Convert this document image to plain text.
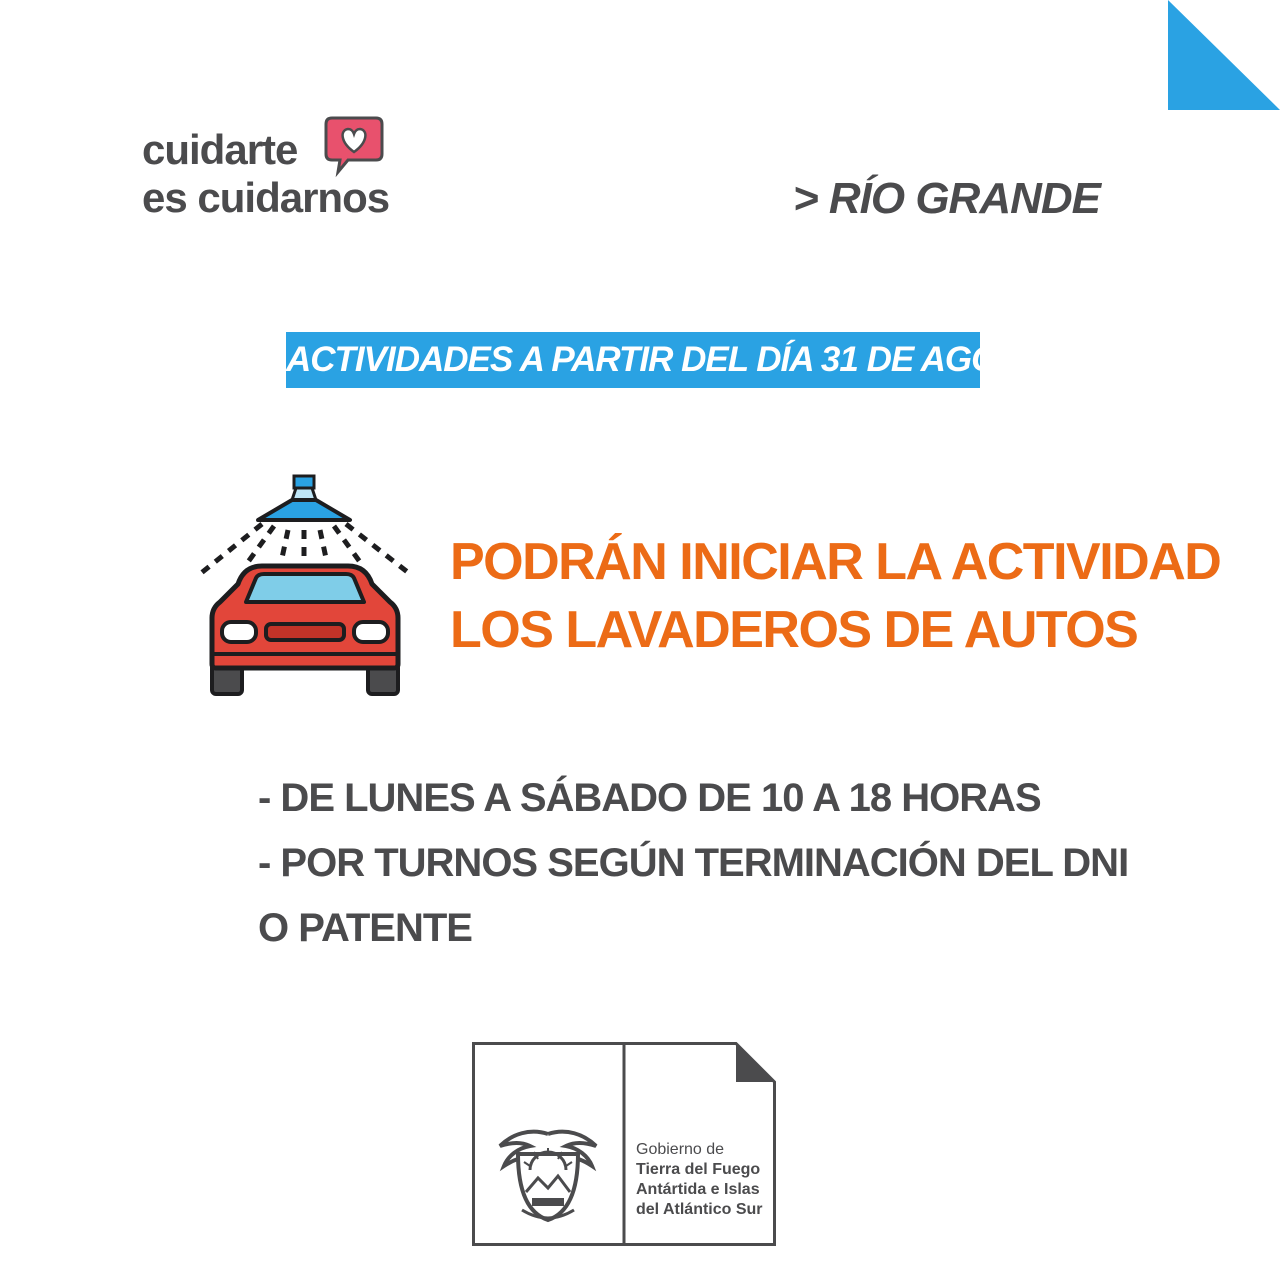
cuidarte
es cuidarnos	> RÍO GRANDE
ACTIVIDADES A PARTIR DEL DÍA 31 DE AGOSTO
PODRÁN INICIAR LA ACTIVIDAD
LOS LAVADEROS DE AUTOS
- DE LUNES A SÁBADO DE 10 A 18 HORAS
- POR TURNOS SEGÚN TERMINACIÓN DEL DNI
O PATENTE
Gobierno de
Tierra del Fuego
Antártida e Islas
del Atlántico Sur
